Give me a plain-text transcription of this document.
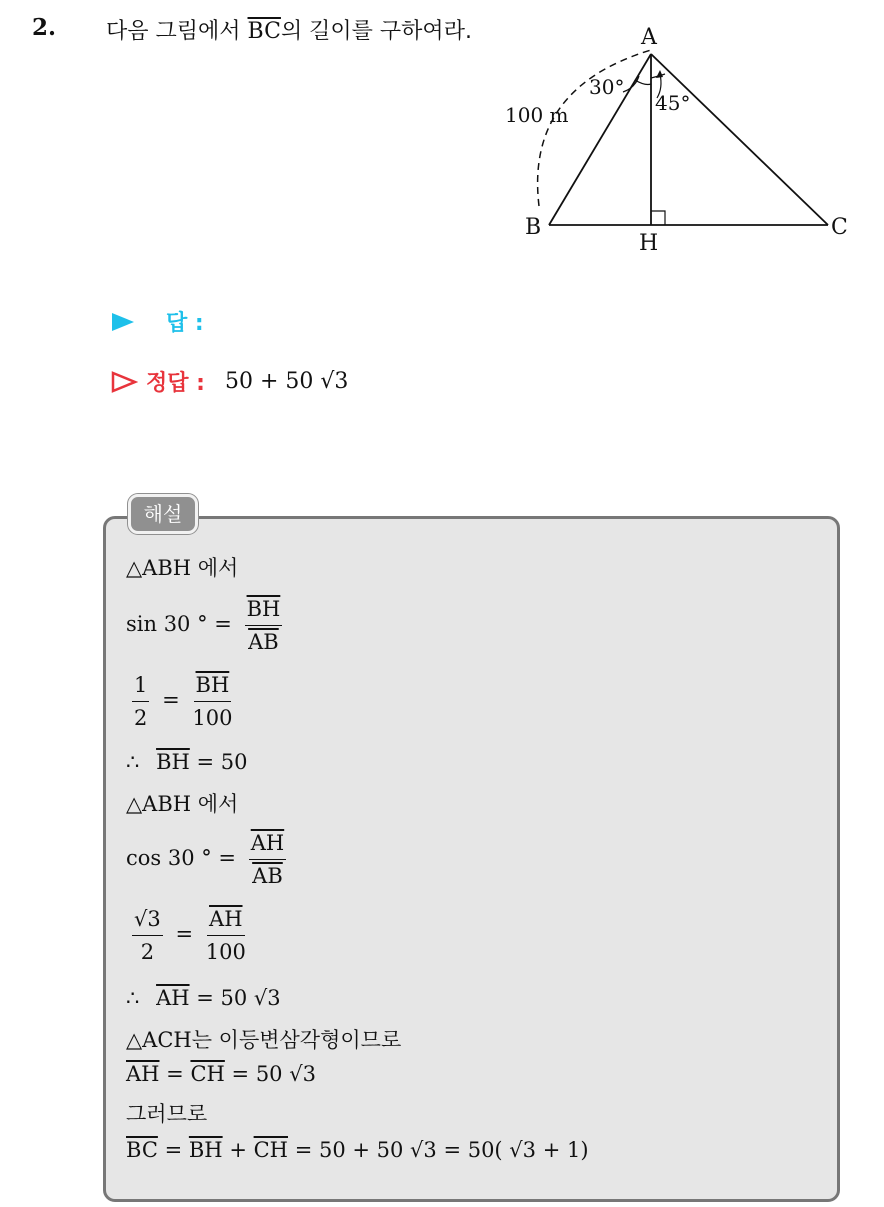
2. 다음 그림에서 $\overline{BC}$의 길이를 구하여라.	A
B	C
H
30°
45°
100 m
답 :
정답 : 50 + 50 √3
해설
△ABH 에서
sin 30 ° = $\frac{\overline{BH}}{AB}$
$\frac{1}{2} = \frac{\overline{BH}}{100}$
∴ $\overline{BH} = 50$
△ABH 에서
cos 30 ° = $\frac{\overline{AH}}{AB}$
$\frac{√3}{2} = \frac{\overline{AH}}{100}$
∴ $\overline{AH} = 50$ √3
△ACH는 이등변삼각형이므로
$\overline{AH} = \overline{CH} = 50$ √3
그러므로
$\overline{BC} = \overline{BH} + \overline{CH} = 50 + 50$ √3 = 50( √3 + 1)
